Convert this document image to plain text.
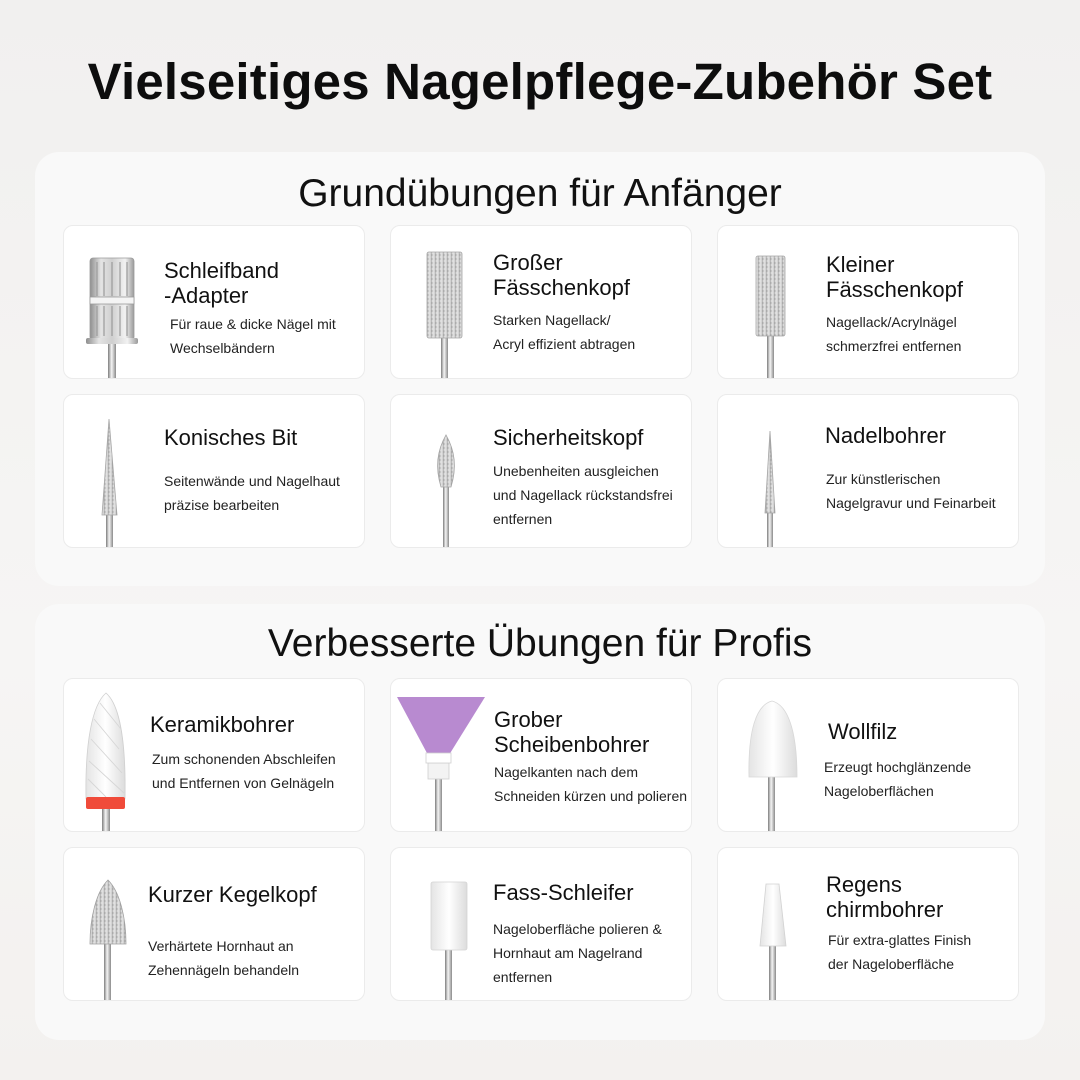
Vielseitiges Nagelpflege-Zubehör Set
Grundübungen für Anfänger
Schleifband
-Adapter
Für raue & dicke Nägel mit
Wechselbändern
Großer
Fässchenkopf
Starken Nagellack/
Acryl effizient abtragen
Kleiner
Fässchenkopf
Nagellack/Acrylnägel
schmerzfrei entfernen
Konisches Bit
Seitenwände und Nagelhaut
präzise bearbeiten
Sicherheitskopf
Unebenheiten ausgleichen
und Nagellack rückstandsfrei
entfernen
Nadelbohrer
Zur künstlerischen
Nagelgravur und Feinarbeit
Verbesserte Übungen für Profis
Keramikbohrer
Zum schonenden Abschleifen
und Entfernen von Gelnägeln
Grober
Scheibenbohrer
Nagelkanten nach dem
Schneiden kürzen und polieren
Wollfilz
Erzeugt hochglänzende
Nageloberflächen
Kurzer Kegelkopf
Verhärtete Hornhaut an
Zehennägeln behandeln
Fass-Schleifer
Nageloberfläche polieren &
Hornhaut am Nagelrand
entfernen
Regens
chirmbohrer
Für extra-glattes Finish
der Nageloberfläche
